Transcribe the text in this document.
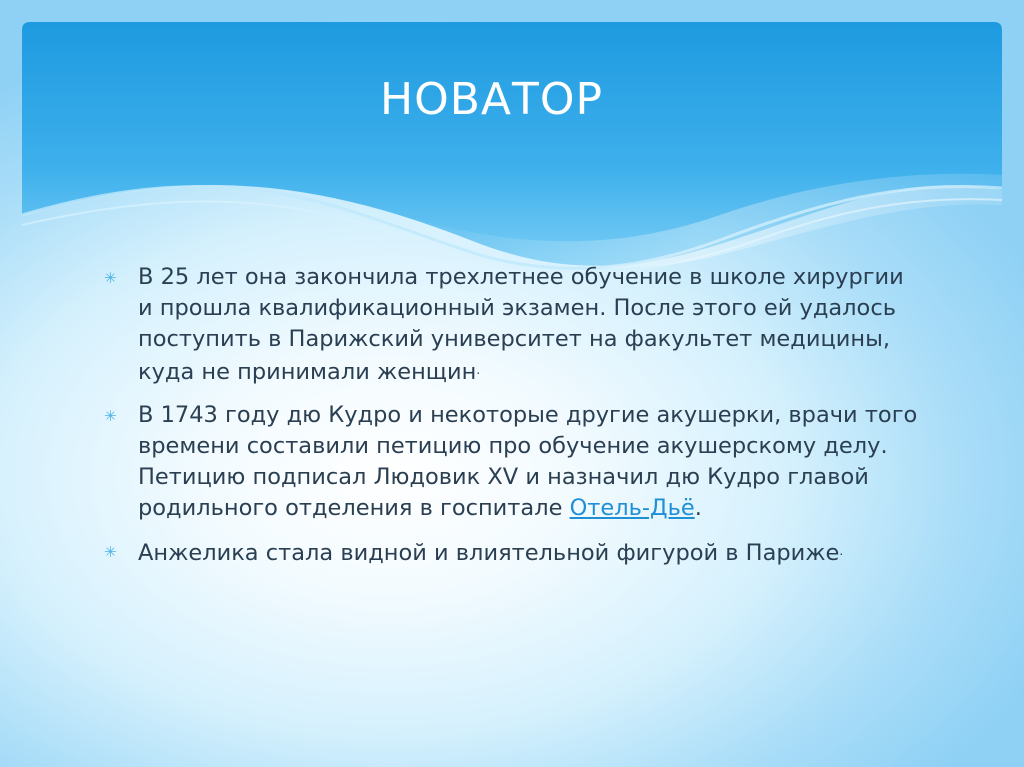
НОВАТОР
✳ В 25 лет она закончила трехлетнее обучение в школе хирургии и прошла квалификационный экзамен. После этого ей удалось поступить в Парижский университет на факультет медицины, куда не принимали женщин.
✳ В 1743 году дю Кудро и некоторые другие акушерки, врачи того времени составили петицию про обучение акушерскому делу. Петицию подписал Людовик XV и назначил дю Кудро главой родильного отделения в госпитале Отель-Дьё.
✳ Анжелика стала видной и влиятельной фигурой в Париже.
